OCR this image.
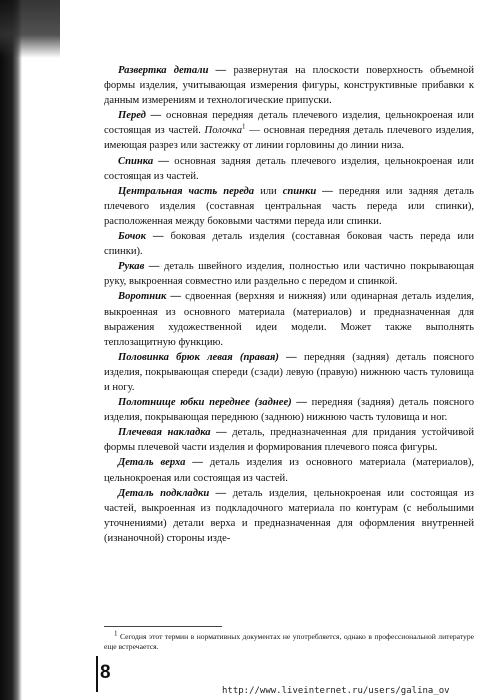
Развертка детали — развернутая на плоскости поверхность объемной формы изделия, учитывающая измерения фигуры, конструктивные прибавки к данным измерениям и технологические припуски.

Перед — основная передняя деталь плечевого изделия, цельнокроеная или состоящая из частей. Полочка$^1$ — основная передняя деталь плечевого изделия, имеющая разрез или застежку от линии горловины до линии низа.

Спинка — основная задняя деталь плечевого изделия, цельнокроеная или состоящая из частей.

Центральная часть переда или спинки — передняя или задняя деталь плечевого изделия (составная центральная часть переда или спинки), расположенная между боковыми частями переда или спинки.

Бочок — боковая деталь изделия (составная боковая часть переда или спинки).

Рукав — деталь швейного изделия, полностью или частично покрывающая руку, выкроенная совместно или раздельно с передом и спинкой.

Воротник — сдвоенная (верхняя и нижняя) или одинарная деталь изделия, выкроенная из основного материала (материалов) и предназначенная для выражения художественной идеи модели. Может также выполнять теплозащитную функцию.

Половинка брюк левая (правая) — передняя (задняя) деталь поясного изделия, покрывающая спереди (сзади) левую (правую) нижнюю часть туловища и ногу.

Полотнище юбки переднее (заднее) — передняя (задняя) деталь поясного изделия, покрывающая переднюю (заднюю) нижнюю часть туловища и ног.

Плечевая накладка — деталь, предназначенная для придания устойчивой формы плечевой части изделия и формирования плечевого пояса фигуры.

Деталь верха — деталь изделия из основного материала (материалов), цельнокроеная или состоящая из частей.

Деталь подкладки — деталь изделия, цельнокроеная или состоящая из частей, выкроенная из подкладочного материала по контурам (с небольшими уточнениями) детали верха и предназначенная для оформления внутренней (изнаночной) стороны изде-

$^1$ Сегодня этот термин в нормативных документах не употребляется, однако в профессиональной литературе еще встречается.

8
http://www.liveinternet.ru/users/galina_ov
